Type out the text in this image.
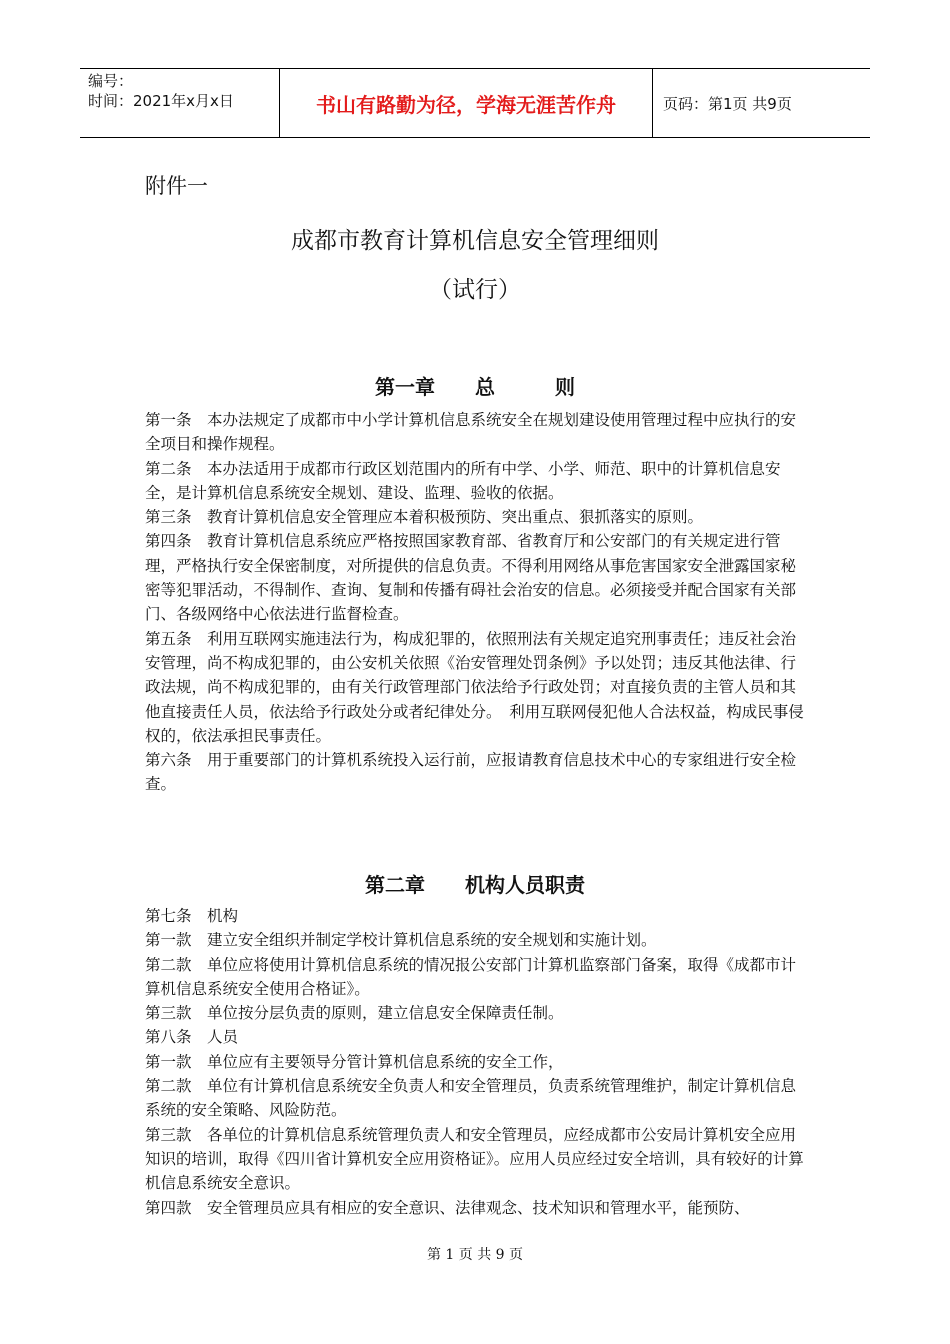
编号：
时间：2021年x月x日	书山有路勤为径，学海无涯苦作舟	页码：第1页 共9页
附件一
成都市教育计算机信息安全管理细则
（试行）
第一章　　总　　　则

第一条　本办法规定了成都市中小学计算机信息系统安全在规划建设使用管理过程中应执行的安全项目和操作规程。

第二条　本办法适用于成都市行政区划范围内的所有中学、小学、师范、职中的计算机信息安全，是计算机信息系统安全规划、建设、监理、验收的依据。

第三条　教育计算机信息安全管理应本着积极预防、突出重点、狠抓落实的原则。

第四条　教育计算机信息系统应严格按照国家教育部、省教育厅和公安部门的有关规定进行管理，严格执行安全保密制度，对所提供的信息负责。不得利用网络从事危害国家安全泄露国家秘密等犯罪活动，不得制作、查询、复制和传播有碍社会治安的信息。必须接受并配合国家有关部门、各级网络中心依法进行监督检查。

第五条　利用互联网实施违法行为，构成犯罪的，依照刑法有关规定追究刑事责任；违反社会治安管理，尚不构成犯罪的，由公安机关依照《治安管理处罚条例》予以处罚；违反其他法律、行政法规，尚不构成犯罪的，由有关行政管理部门依法给予行政处罚；对直接负责的主管人员和其他直接责任人员，依法给予行政处分或者纪律处分。　利用互联网侵犯他人合法权益，构成民事侵权的，依法承担民事责任。

第六条　用于重要部门的计算机系统投入运行前，应报请教育信息技术中心的专家组进行安全检查。

第二章　　机构人员职责

第七条　机构

第一款　建立安全组织并制定学校计算机信息系统的安全规划和实施计划。

第二款　单位应将使用计算机信息系统的情况报公安部门计算机监察部门备案，取得《成都市计算机信息系统安全使用合格证》。

第三款　单位按分层负责的原则，建立信息安全保障责任制。

第八条　人员

第一款　单位应有主要领导分管计算机信息系统的安全工作，

第二款　单位有计算机信息系统安全负责人和安全管理员，负责系统管理维护，制定计算机信息系统的安全策略、风险防范。

第三款　各单位的计算机信息系统管理负责人和安全管理员，应经成都市公安局计算机安全应用知识的培训，取得《四川省计算机安全应用资格证》。应用人员应经过安全培训，具有较好的计算机信息系统安全意识。

第四款　安全管理员应具有相应的安全意识、法律观念、技术知识和管理水平，能预防、

第 1 页 共 9 页
